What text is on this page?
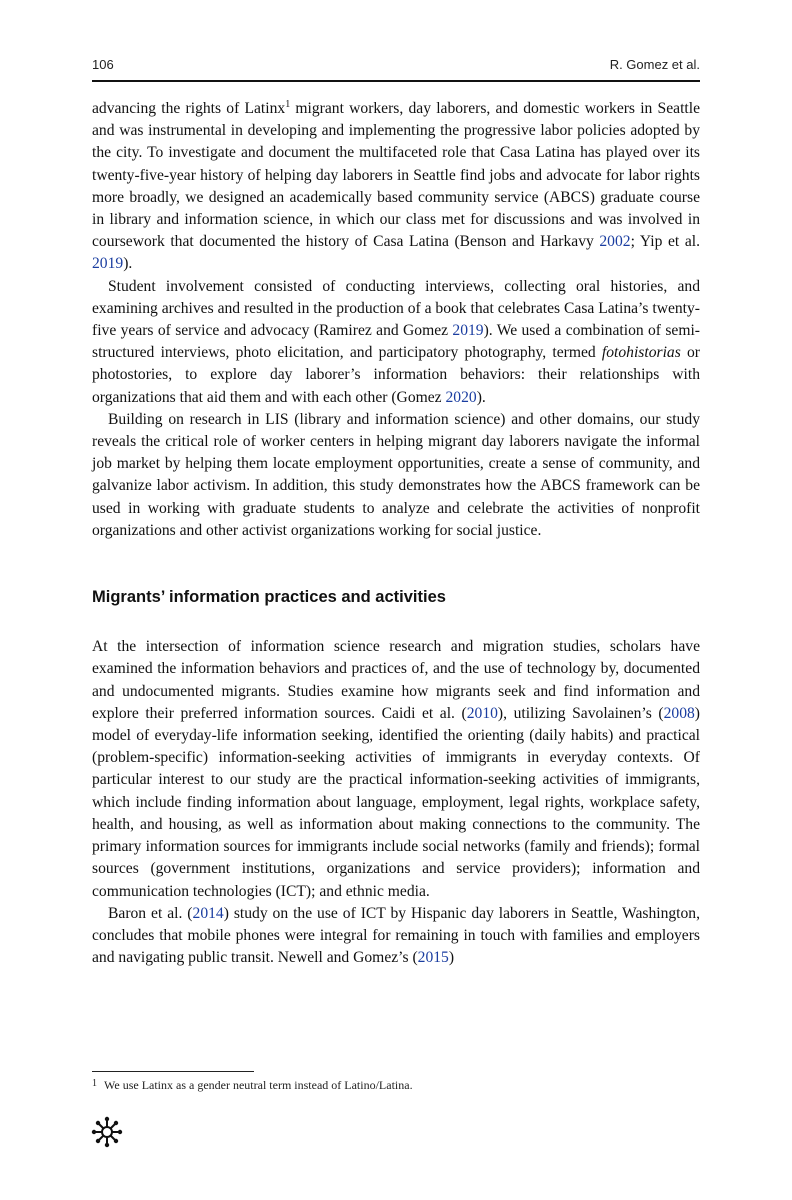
106	R. Gomez et al.

advancing the rights of Latinx$^1$ migrant workers, day laborers, and domestic workers in Seattle and was instrumental in developing and implementing the progressive labor policies adopted by the city. To investigate and document the multifaceted role that Casa Latina has played over its twenty-five-year history of helping day laborers in Seattle find jobs and advocate for labor rights more broadly, we designed an academically based community service (ABCS) graduate course in library and information science, in which our class met for discussions and was involved in coursework that documented the history of Casa Latina (Benson and Harkavy 2002; Yip et al. 2019).

Student involvement consisted of conducting interviews, collecting oral histories, and examining archives and resulted in the production of a book that celebrates Casa Latina’s twenty-five years of service and advocacy (Ramirez and Gomez 2019). We used a combination of semi-structured interviews, photo elicitation, and participatory photography, termed fotohistorias or photostories, to explore day laborer’s information behaviors: their relationships with organizations that aid them and with each other (Gomez 2020).

Building on research in LIS (library and information science) and other domains, our study reveals the critical role of worker centers in helping migrant day laborers navigate the informal job market by helping them locate employment opportunities, create a sense of community, and galvanize labor activism. In addition, this study demonstrates how the ABCS framework can be used in working with graduate students to analyze and celebrate the activities of nonprofit organizations and other activist organizations working for social justice.

Migrants’ information practices and activities

At the intersection of information science research and migration studies, scholars have examined the information behaviors and practices of, and the use of technology by, documented and undocumented migrants. Studies examine how migrants seek and find information and explore their preferred information sources. Caidi et al. (2010), utilizing Savolainen’s (2008) model of everyday-life information seeking, identified the orienting (daily habits) and practical (problem-specific) information-seeking activities of immigrants in everyday contexts. Of particular interest to our study are the practical information-seeking activities of immigrants, which include finding information about language, employment, legal rights, workplace safety, health, and housing, as well as information about making connections to the community. The primary information sources for immigrants include social networks (family and friends); formal sources (government institutions, organizations and service providers); information and communication technologies (ICT); and ethnic media.

Baron et al. (2014) study on the use of ICT by Hispanic day laborers in Seattle, Washington, concludes that mobile phones were integral for remaining in touch with families and employers and navigating public transit. Newell and Gomez’s (2015)

1 We use Latinx as a gender neutral term instead of Latino/Latina.
